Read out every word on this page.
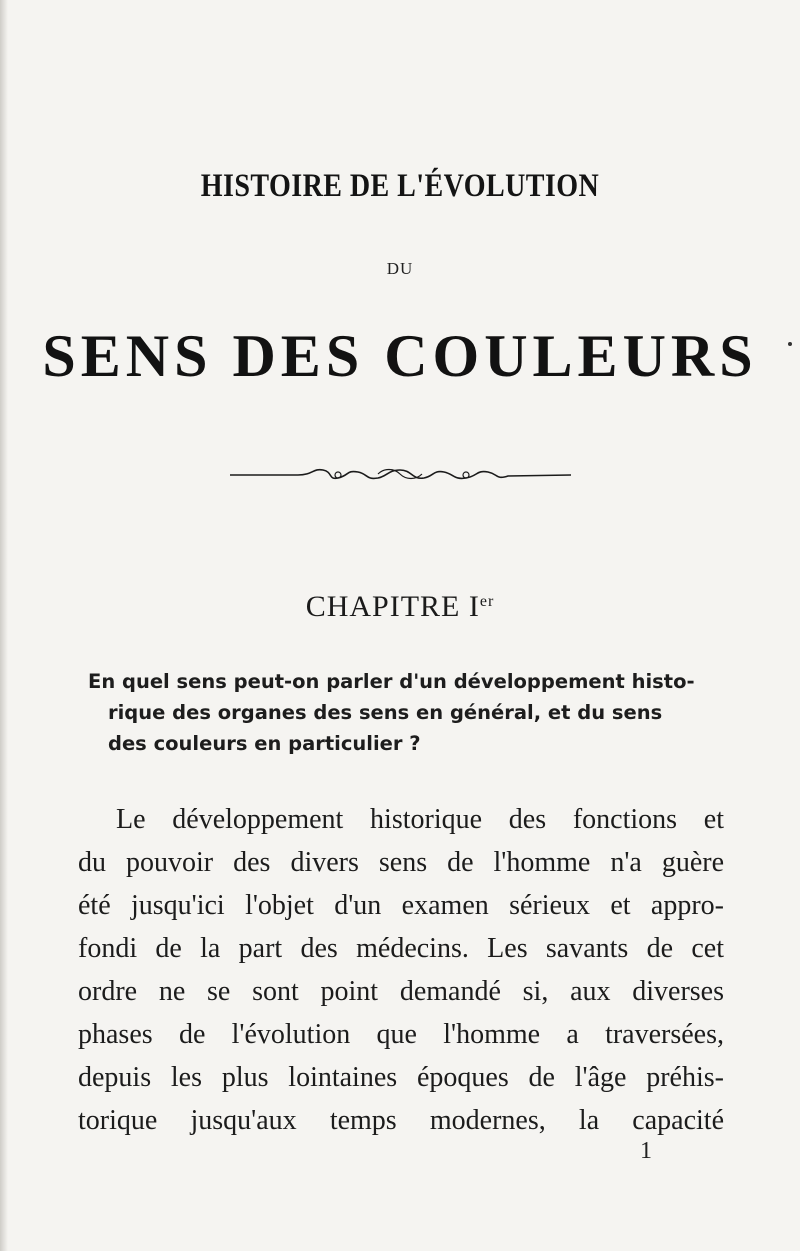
HISTOIRE DE L'ÉVOLUTION
DU
SENS DES COULEURS
CHAPITRE Ier
En quel sens peut-on parler d'un développement histo-
rique des organes des sens en général, et du sens
des couleurs en particulier ?
Le développement historique des fonctions et
du pouvoir des divers sens de l'homme n'a guère
été jusqu'ici l'objet d'un examen sérieux et appro-
fondi de la part des médecins. Les savants de cet
ordre ne se sont point demandé si, aux diverses
phases de l'évolution que l'homme a traversées,
depuis les plus lointaines époques de l'âge préhis-
torique jusqu'aux temps modernes, la capacité
1
